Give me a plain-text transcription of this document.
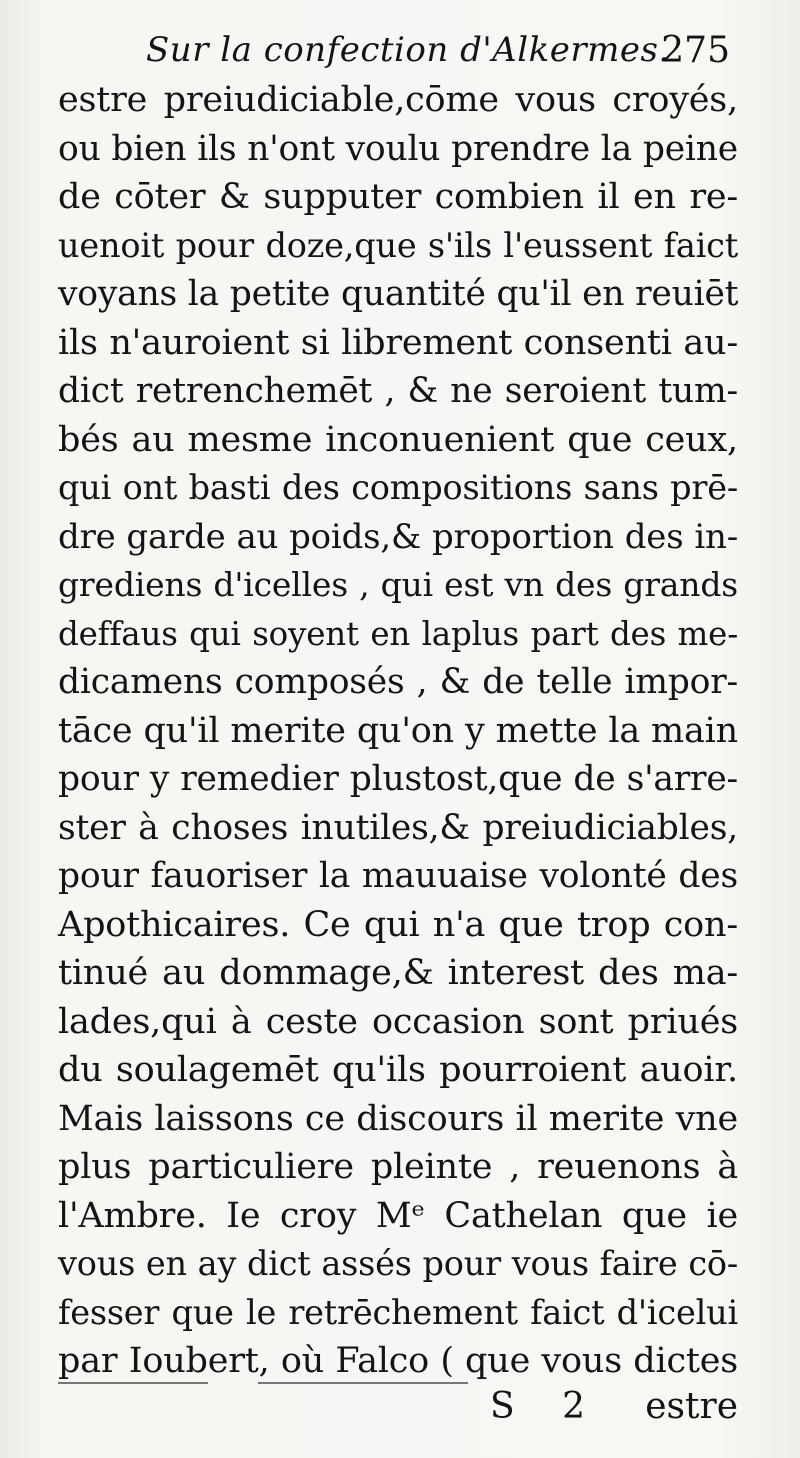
Sur la confection d'Alkermes.
275
estre preiudiciable,cōme vous croyés,
ou bien ils n'ont voulu prendre la peine
de cōter & supputer combien il en re-
uenoit pour doze,que s'ils l'eussent faict
voyans la petite quantité qu'il en reuiēt
ils n'auroient si librement consenti au-
dict retrenchemēt , & ne seroient tum-
bés au mesme inconuenient que ceux,
qui ont basti des compositions sans prē-
dre garde au poids,& proportion des in-
grediens d'icelles , qui est vn des grands
deffaus qui soyent en laplus part des me-
dicamens composés , & de telle impor-
tāce qu'il merite qu'on y mette la main
pour y remedier plustost,que de s'arre-
ster à choses inutiles,& preiudiciables,
pour fauoriser la mauuaise volonté des
Apothicaires. Ce qui n'a que trop con-
tinué au dommage,& interest des ma-
lades,qui à ceste occasion sont priués
du soulagemēt qu'ils pourroient auoir.
Mais laissons ce discours il merite vne
plus particuliere pleinte , reuenons à
l'Ambre. Ie croy Mᵉ Cathelan que ie
vous en ay dict assés pour vous faire cō-
fesser que le retrēchement faict d'icelui
par Ioubert, où Falco ( que vous dictes
S 2 estre
